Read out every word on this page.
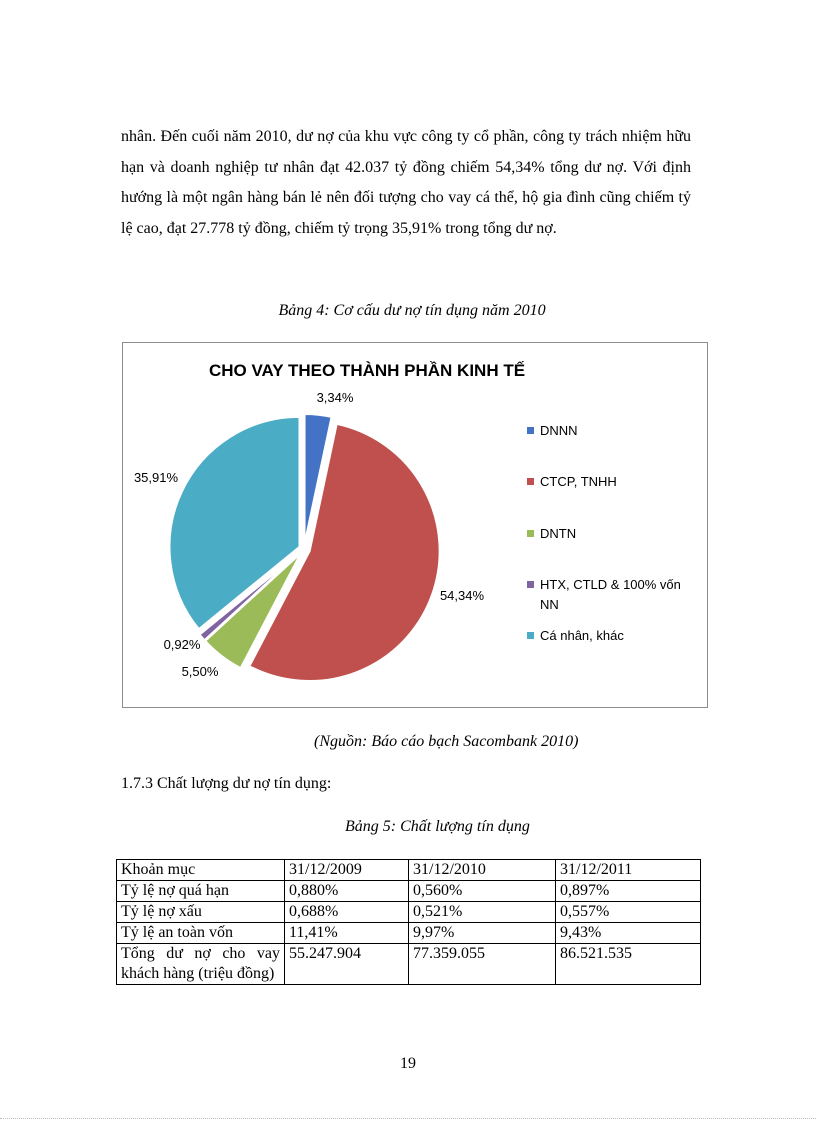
nhân. Đến cuối năm 2010, dư nợ của khu vực công ty cổ phần, công ty trách nhiệm hữu hạn và doanh nghiệp tư nhân đạt 42.037 tỷ đồng chiếm 54,34% tổng dư nợ. Với định hướng là một ngân hàng bán lẻ nên đối tượng cho vay cá thể, hộ gia đình cũng chiếm tỷ lệ cao, đạt 27.778 tỷ đồng, chiếm tỷ trọng 35,91% trong tổng dư nợ.

Bảng 4: Cơ cấu dư nợ tín dụng năm 2010
CHO VAY THEO THÀNH PHẦN KINH TẾ
3,34%
54,34%
5,50%
0,92%
35,91%
DNNN
CTCP, TNHH
DNTN
HTX, CTLD & 100% vốn
NN
Cá nhân, khác
(Nguồn: Báo cáo bạch Sacombank 2010)
1.7.3 Chất lượng dư nợ tín dụng:
Bảng 5: Chất lượng tín dụng
Khoản mục	31/12/2009	31/12/2010	31/12/2011
Tỷ lệ nợ quá hạn	0,880%	0,560%	0,897%
Tỷ lệ nợ xấu	0,688%	0,521%	0,557%
Tỷ lệ an toàn vốn	11,41%	9,97%	9,43%
Tổng dư nợ cho vay khách hàng (triệu đồng)	55.247.904	77.359.055	86.521.535
19
